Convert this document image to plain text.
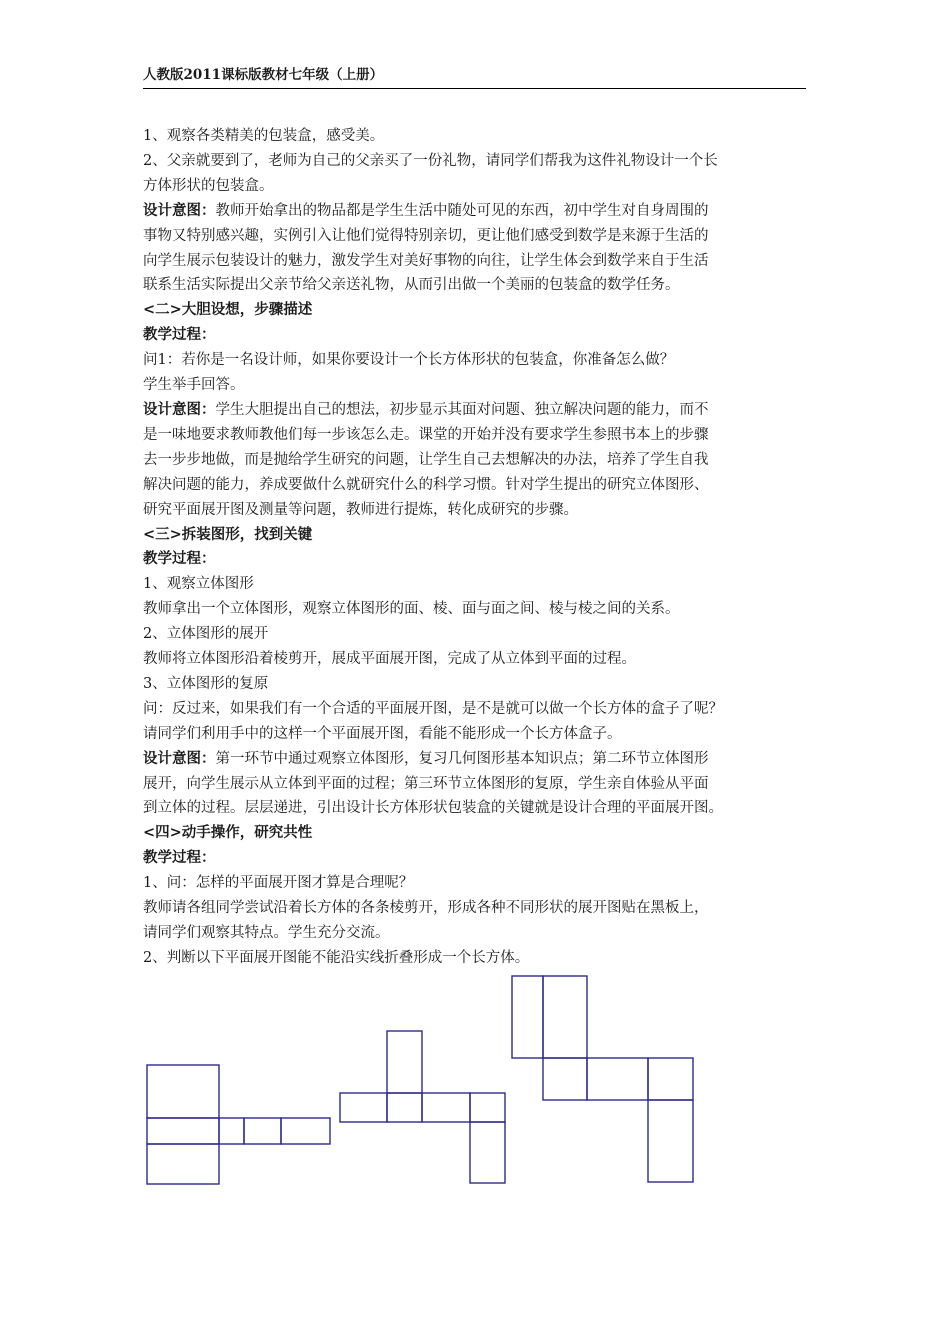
人教版2011课标版教材七年级（上册）

1、观察各类精美的包装盒，感受美。

2、父亲就要到了，老师为自己的父亲买了一份礼物，请同学们帮我为这件礼物设计一个长

方体形状的包装盒。

设计意图：教师开始拿出的物品都是学生生活中随处可见的东西，初中学生对自身周围的

事物又特别感兴趣，实例引入让他们觉得特别亲切，更让他们感受到数学是来源于生活的

向学生展示包装设计的魅力，激发学生对美好事物的向往，让学生体会到数学来自于生活

联系生活实际提出父亲节给父亲送礼物，从而引出做一个美丽的包装盒的数学任务。

<二>大胆设想，步骤描述

教学过程：

问1：若你是一名设计师，如果你要设计一个长方体形状的包装盒，你准备怎么做？

学生举手回答。

设计意图：学生大胆提出自己的想法，初步显示其面对问题、独立解决问题的能力，而不

是一味地要求教师教他们每一步该怎么走。课堂的开始并没有要求学生参照书本上的步骤

去一步步地做，而是抛给学生研究的问题，让学生自己去想解决的办法，培养了学生自我

解决问题的能力，养成要做什么就研究什么的科学习惯。针对学生提出的研究立体图形、

研究平面展开图及测量等问题，教师进行提炼，转化成研究的步骤。

<三>拆装图形，找到关键

教学过程：

1、观察立体图形

教师拿出一个立体图形，观察立体图形的面、棱、面与面之间、棱与棱之间的关系。

2、立体图形的展开

教师将立体图形沿着棱剪开，展成平面展开图，完成了从立体到平面的过程。

3、立体图形的复原

问：反过来，如果我们有一个合适的平面展开图，是不是就可以做一个长方体的盒子了呢？

请同学们利用手中的这样一个平面展开图，看能不能形成一个长方体盒子。

设计意图：第一环节中通过观察立体图形，复习几何图形基本知识点；第二环节立体图形

展开，向学生展示从立体到平面的过程；第三环节立体图形的复原，学生亲自体验从平面

到立体的过程。层层递进，引出设计长方体形状包装盒的关键就是设计合理的平面展开图。

<四>动手操作，研究共性

教学过程：

1、问：怎样的平面展开图才算是合理呢？

教师请各组同学尝试沿着长方体的各条棱剪开，形成各种不同形状的展开图贴在黑板上，

请同学们观察其特点。学生充分交流。

2、判断以下平面展开图能不能沿实线折叠形成一个长方体。
